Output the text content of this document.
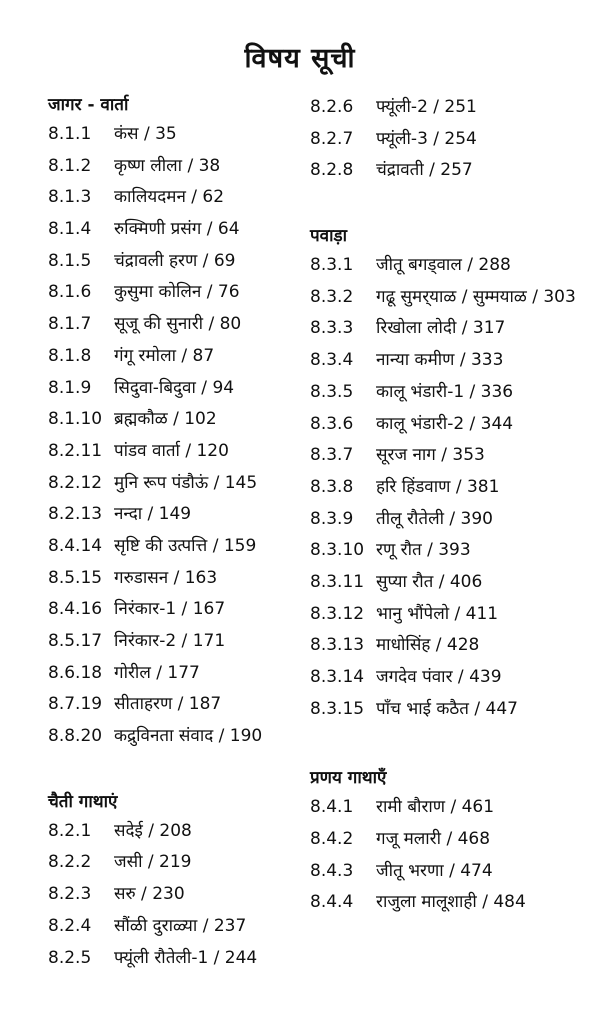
विषय सूची
जागर - वार्ता
8.1.1	कंस / 35
8.1.2	कृष्ण लीला / 38
8.1.3	कालियदमन / 62
8.1.4	रुक्मिणी प्रसंग / 64
8.1.5	चंद्रावली हरण / 69
8.1.6	कुसुमा कोलिन / 76
8.1.7	सूजू की सुनारी / 80
8.1.8	गंगू रमोला / 87
8.1.9	सिदुवा-बिदुवा / 94
8.1.10 ब्रह्मकौळ / 102
8.2.11 पांडव वार्ता / 120
8.2.12 मुनि रूप पंडौऊं / 145
8.2.13 नन्दा / 149
8.4.14 सृष्टि की उत्पत्ति / 159
8.5.15 गरुडासन / 163
8.4.16 निरंकार-1 / 167
8.5.17 निरंकार-2 / 171
8.6.18 गोरील / 177
8.7.19 सीताहरण / 187
8.8.20 कद्रुविनता संवाद / 190
चैती गाथाएं
8.2.1	सदेई / 208
8.2.2	जसी / 219
8.2.3	सरु / 230
8.2.4	सौंळी दुराळ्या / 237
8.2.5	फ्यूंली रौतेली-1 / 244
8.2.6	फ्यूंली-2 / 251
8.2.7	फ्यूंली-3 / 254
8.2.8	चंद्रावती / 257
पवाड़ा
8.3.1	जीतू बगड्वाल / 288
8.3.2	गढू सुमर्‌याळ / सुम्मयाळ / 303
8.3.3	रिखोला लोदी / 317
8.3.4	नान्या कमीण / 333
8.3.5	कालू भंडारी-1 / 336
8.3.6	कालू भंडारी-2 / 344
8.3.7	सूरज नाग / 353
8.3.8	हरि हिंडवाण / 381
8.3.9	तीलू रौतेली / 390
8.3.10 रणू रौत / 393
8.3.11 सुप्या रौत / 406
8.3.12 भानु भौंपेलो / 411
8.3.13 माधोसिंह / 428
8.3.14 जगदेव पंवार / 439
8.3.15 पाँच भाई कठैत / 447
प्रणय गाथाएँ
8.4.1	रामी बौराण / 461
8.4.2	गजू मलारी / 468
8.4.3	जीतू भरणा / 474
8.4.4	राजुला मालूशाही / 484
